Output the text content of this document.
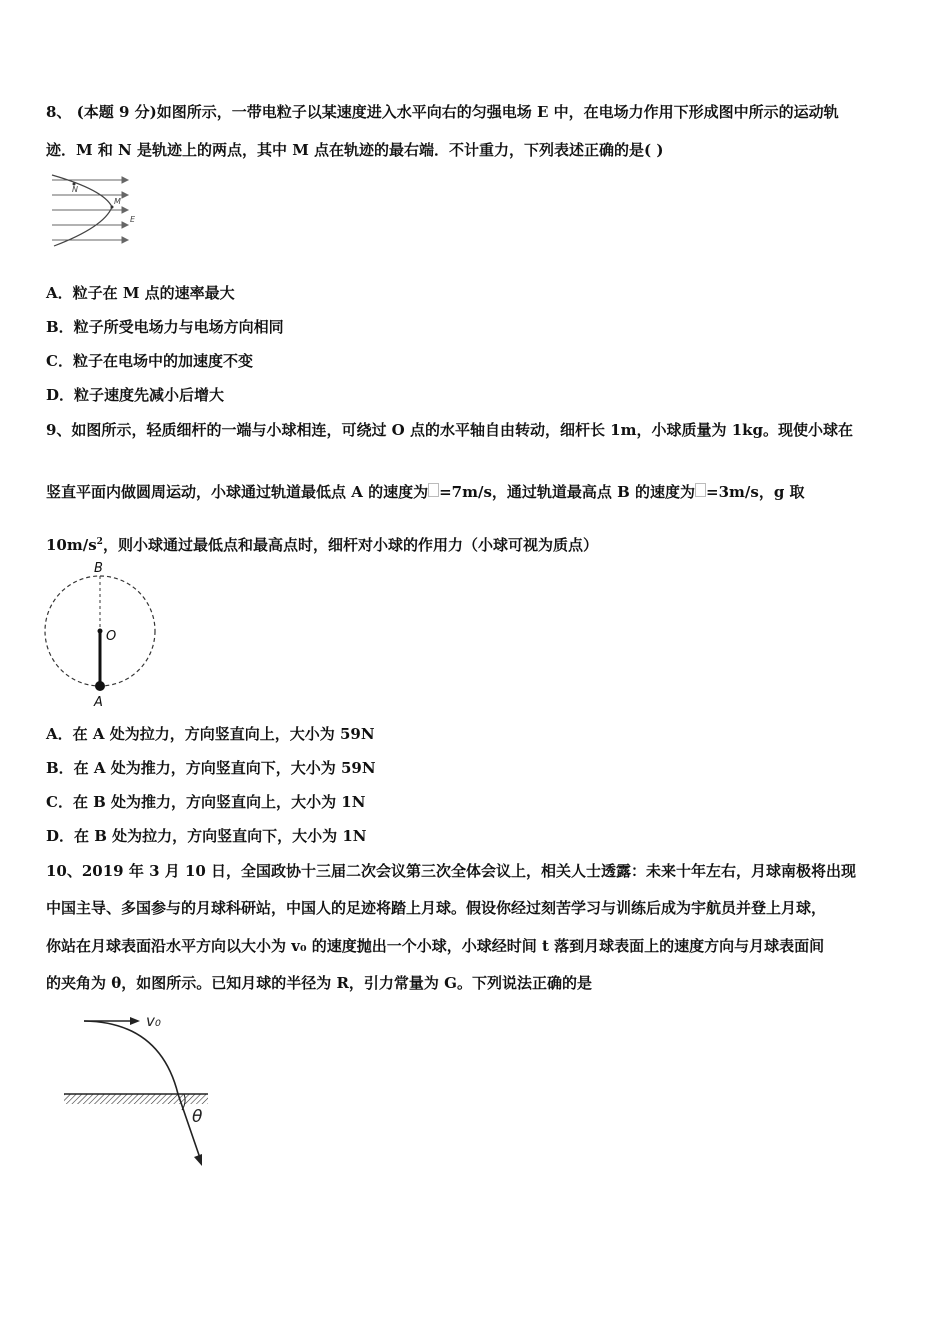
8、 (本题 9 分)如图所示，一带电粒子以某速度进入水平向右的匀强电场 E 中，在电场力作用下形成图中所示的运动轨
迹．M 和 N 是轨迹上的两点，其中 M 点在轨迹的最右端．不计重力，下列表述正确的是( )
N
M
E
A．粒子在 M 点的速率最大
B．粒子所受电场力与电场方向相同
C．粒子在电场中的加速度不变
D．粒子速度先减小后增大
9、如图所示，轻质细杆的一端与小球相连，可绕过 O 点的水平轴自由转动，细杆长 1m，小球质量为 1kg。现使小球在
竖直平面内做圆周运动，小球通过轨道最低点 A 的速度为 =7m/s，通过轨道最高点 B 的速度为 =3m/s，g 取
$10m/s^2$，则小球通过最低点和最高点时，细杆对小球的作用力（小球可视为质点）
B
O
A
A．在 A 处为拉力，方向竖直向上，大小为 59N
B．在 A 处为推力，方向竖直向下，大小为 59N
C．在 B 处为推力，方向竖直向上，大小为 1N
D．在 B 处为拉力，方向竖直向下，大小为 1N
10、2019 年 3 月 10 日，全国政协十三届二次会议第三次全体会议上，相关人士透露：未来十年左右，月球南极将出现
中国主导、多国参与的月球科研站，中国人的足迹将踏上月球。假设你经过刻苦学习与训练后成为宇航员并登上月球，
你站在月球表面沿水平方向以大小为 v₀ 的速度抛出一个小球，小球经时间 t 落到月球表面上的速度方向与月球表面间
的夹角为 θ，如图所示。已知月球的半径为 R，引力常量为 G。下列说法正确的是
v₀
θ
